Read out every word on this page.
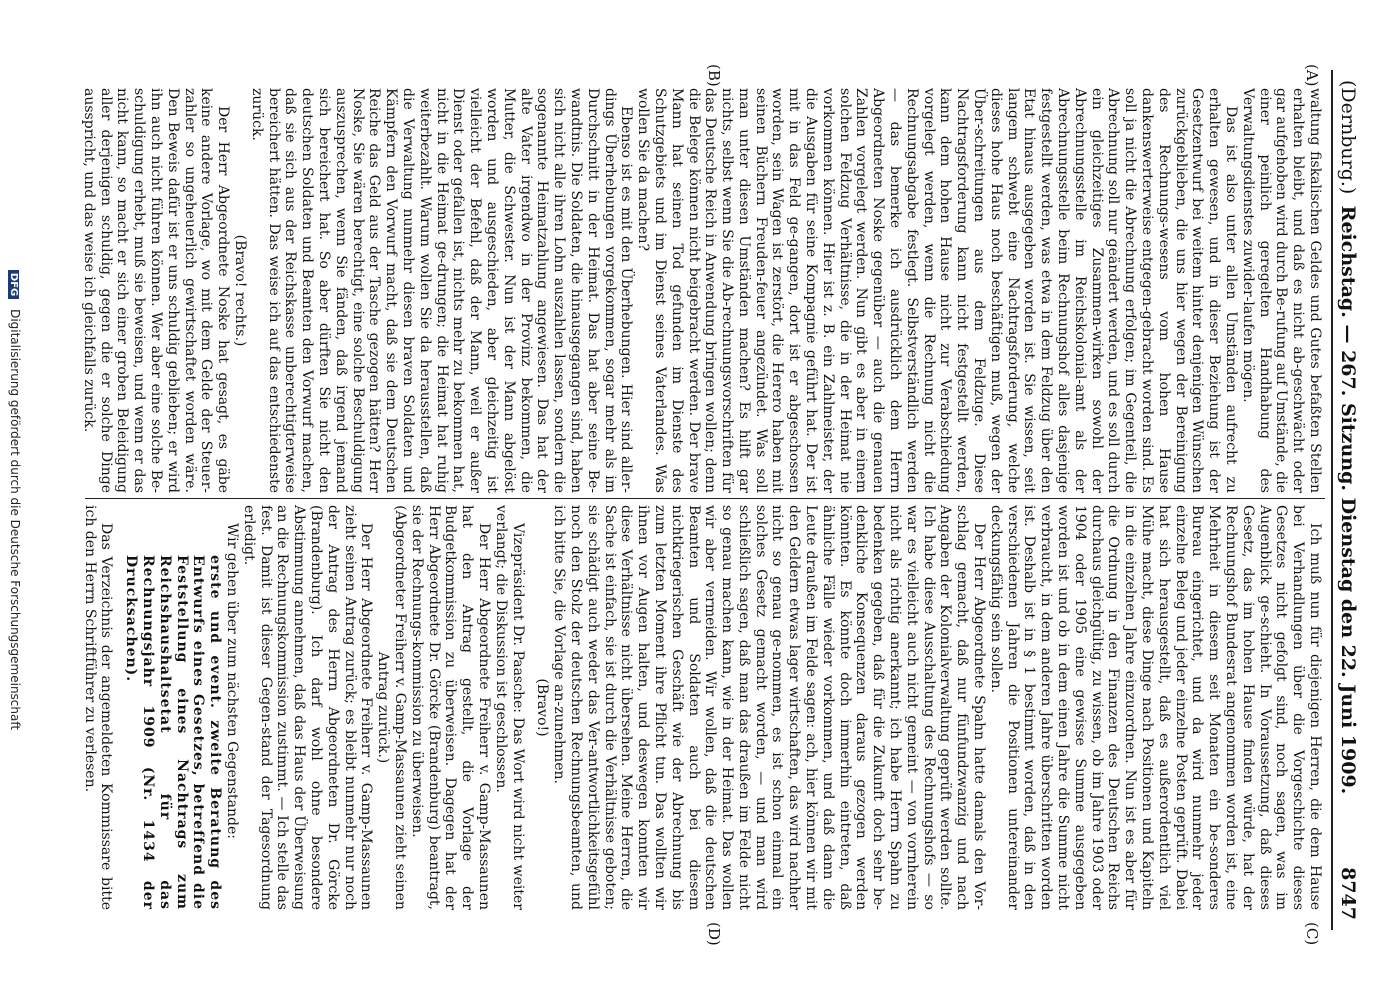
(Dernburg.)
Reichstag. — 267. Sitzung. Dienstag den 22. Juni 1909.
8747
(A)
(B)
(C)
(D)

waltung fiskalischen Geldes und Gutes befaßten Stellen erhalten bleibt, und daß es nicht ab-geschwächt oder gar aufgehoben wird durch Be-rufung auf Umstände, die einer peinlich geregelten Handhabung des Verwaltungsdienstes zuwider-laufen mögen.

Das ist also unter allen Umständen aufrecht zu erhalten gewesen, und in dieser Beziehung ist der Gesetzentwurf bei weitem hinter denjenigen Wünschen zurückgeblieben, die uns hier wegen der Bereinigung des Rechnungs-wesens vom hohen Hause dankenswerterweise entgegen-gebracht worden sind. Es soll ja nicht die Abrechnung erfolgen; im Gegenteil, die Abrechnung soll nur geändert werden, und es soll durch ein gleichzeitiges Zusammen-wirken sowohl der Abrechnungsstelle im Reichskolonial-amt als der Abrechnungsstelle beim Rechnungshof alles dasjenige festgestellt werden, was etwa in dem Feldzug über den Etat hinaus ausgegeben worden ist. Sie wissen, seit langem schwebt eine Nachtragsforderung, welche dieses hohe Haus noch beschäftigen muß, wegen der Über-schreitungen aus dem Feldzuge. Diese Nachtragsforderung kann nicht festgestellt werden, kann dem hohen Hause nicht zur Verabschiedung vorgelegt werden, wenn die Rechnung nicht die Rechnungsabgabe festlegt. Selbstverständlich werden — das bemerke ich ausdrücklich dem Herrn Abgeordneten Noske gegenüber — auch die genauen Zahlen vorgelegt werden. Nun gibt es aber in einem solchen Feldzug Verhältnisse, die in der Heimat nie vorkommen können. Hier ist z. B. ein Zahlmeister, der die Ausgaben für seine Kompagnie geführt hat. Der ist mit in das Feld ge-gangen, dort ist er abgeschossen worden, sein Wagen ist zerstört, die Herero haben mit seinen Büchern Freuden-feuer angezündet. Was soll man unter diesen Umständen machen? Es hilft gar nichts, selbst wenn Sie die Ab-rechnungsvorschriften für das Deutsche Reich in Anwendung bringen wollen; denn die Belege können nicht beigebracht werden. Der brave Mann hat seinen Tod gefunden im Dienste des Schutzgebiets und im Dienst seines Vaterlandes. Was wollen Sie da machen?

Ebenso ist es mit den Überhebungen. Hier sind aller-dings Überhebungen vorgekommen, sogar mehr als im Durchschnitt in der Heimat. Das hat aber seine Be-wandtnis. Die Soldaten, die hinausgegangen sind, haben sich nicht alle ihren Lohn auszahlen lassen, sondern die sogenannte Heimatzahlung angewiesen. Das hat der alte Vater irgendwo in der Provinz bekommen, die Mutter, die Schwester. Nun ist der Mann abgelöst worden und ausgeschieden, aber gleichzeitig ist vielleicht der Befehl, daß der Mann, weil er außer Dienst oder gefallen ist, nichts mehr zu bekommen hat, nicht in die Heimat ge-drungen; die Heimat hat ruhig weiterbezahlt. Warum wollen Sie da herausstellen, daß die Verwaltung nunmehr diesen braven Soldaten und Kämpfern den Vorwurf macht, daß sie dem Deutschen Reiche das Geld aus der Tasche gezogen hätten? Herr Noske, Sie wären berechtigt, eine solche Beschuldigung auszusprechen, wenn Sie fänden, daß irgend jemand sich bereichert hat. So aber dürften Sie nicht den deutschen Soldaten und Beamten den Vorwurf machen, daß sie sich aus der Reichskasse unberechtigterweise bereichert hätten. Das weise ich auf das entschiedenste zurück.

(Bravo! rechts.)

Der Herr Abgeordnete Noske hat gesagt, es gäbe keine andere Vorlage, wo mit dem Gelde der Steuer-zahler so ungeheuerlich gewirtschaftet worden wäre. Den Beweis dafür ist er uns schuldig geblieben; er wird ihn auch nicht führen können. Wer aber eine solche Be-schuldigung erhebt, muß sie beweisen, und wenn er das nicht kann, so macht er sich einer groben Beleidigung aller derjenigen schuldig, gegen die er solche Dinge ausspricht, und das weise ich gleichfalls zurück.

Ich muß nun für diejenigen Herren, die dem Hause bei Verhandlungen über die Vorgeschichte dieses Gesetzes nicht gefolgt sind, noch sagen, was im Augenblick ge-schieht. In Voraussetzung, daß dieses Gesetz, das im hohen Hause finden würde, hat der Rechnungshof Bundesrat angenommen worden ist, eine Mehrheit in diesem seit Monaten ein be-sonderes Bureau eingerichtet, und da wird nunmehr jeder einzelne Beleg und jeder einzelne Posten geprüft. Dabei hat sich herausgestellt, daß es außerordentlich viel Mühe macht, diese Dinge nach Positionen und Kapiteln in die einzelnen Jahre einzuordnen. Nun ist es aber für die Ordnung in den Finanzen des Deutschen Reichs durchaus gleichgültig, zu wissen, ob im Jahre 1903 oder 1904 oder 1905 eine gewisse Summe ausgegeben worden ist und ob in dem einen Jahre die Summe nicht verbraucht, in dem anderen Jahre überschritten worden ist. Deshalb ist in § 1 bestimmt worden, daß in den verschiedenen Jahren die Positionen untereinander deckungsfähig sein sollen.

Der Herr Abgeordnete Spahn hatte damals den Vor-schlag gemacht, daß nur fünfundzwanzig und nach Angaben der Kolonialverwaltung geprüft werden sollte. Ich habe diese Ausschaltung des Rechnungshofs — so war es vielleicht auch nicht gemeint — von vornherein nicht als richtig anerkannt; ich habe Herrn Spahn zu bedenken gegeben, daß für die Zukunft doch sehr be-denkliche Konsequenzen daraus gezogen werden könnten. Es könnte doch immerhin eintreten, daß ähnliche Fälle wieder vorkommen, und daß dann die Leute draußen im Felde sagen: ach, hier können wir mit den Geldern etwas lager wirtschaften, das wird nachher nicht so genau ge-nommen, es ist schon einmal ein solches Gesetz gemacht worden, — und man wird schließlich sagen, daß man das draußen im Felde nicht so genau machen kann, wie in der Heimat. Das wollen wir aber vermeiden. Wir wollen, daß die deutschen Beamten und Soldaten auch bei diesem nichtkriegerischen Geschäft wie der Abrechnung bis zum letzten Moment ihre Pflicht tun. Das wollten wir ihnen vor Augen halten, und deswegen konnten wir diese Verhältnisse nicht übersehen. Meine Herren, die Sache ist einfach, sie ist durch die Verhältnisse geboten; sie schädigt auch weder das Ver-antwortlichkeitsgefühl noch den Stolz der deutschen Rechnungsbeamten, und ich bitte Sie, die Vorlage an-zunehmen.

(Bravo!)

Vizepräsident Dr. Paasche: Das Wort wird nicht weiter verlangt; die Diskussion ist geschlossen.

Der Herr Abgeordnete Freiherr v. Gamp-Massaunen hat den Antrag gestellt, die Vorlage der Budgetkommission zu überweisen. Dagegen hat der Herr Abgeordnete Dr. Görcke (Brandenburg) beantragt, sie der Rechnungs-kommission zu überweisen.

(Abgeordneter Freiherr v. Gamp-Massaunen zieht seinen Antrag zurück.)

Der Herr Abgeordnete Freiherr v. Gamp-Massaunen zieht seinen Antrag zurück; es bleibt nunmehr nur noch der Antrag des Herrn Abgeordneten Dr. Görcke (Brandenburg). Ich darf wohl ohne besondere Abstimmung annehmen, daß das Haus der Überweisung an die Rechnungskommission zustimmt. — Ich stelle das fest. Damit ist dieser Gegen-stand der Tagesordnung erledigt.

Wir gehen über zum nächsten Gegenstande:

erste und event. zweite Beratung des Entwurfs eines Gesetzes, betreffend die Feststellung eines Nachtrags zum Reichshaushaltsetat für das Rechnungsjahr 1909 (Nr. 1434 der Drucksachen).

Das Verzeichnis der angemeldeten Kommissare bitte ich den Herrn Schriftführer zu verlesen.

DFG Digitalisierung gefördert durch die Deutsche Forschungsgemeinschaft
